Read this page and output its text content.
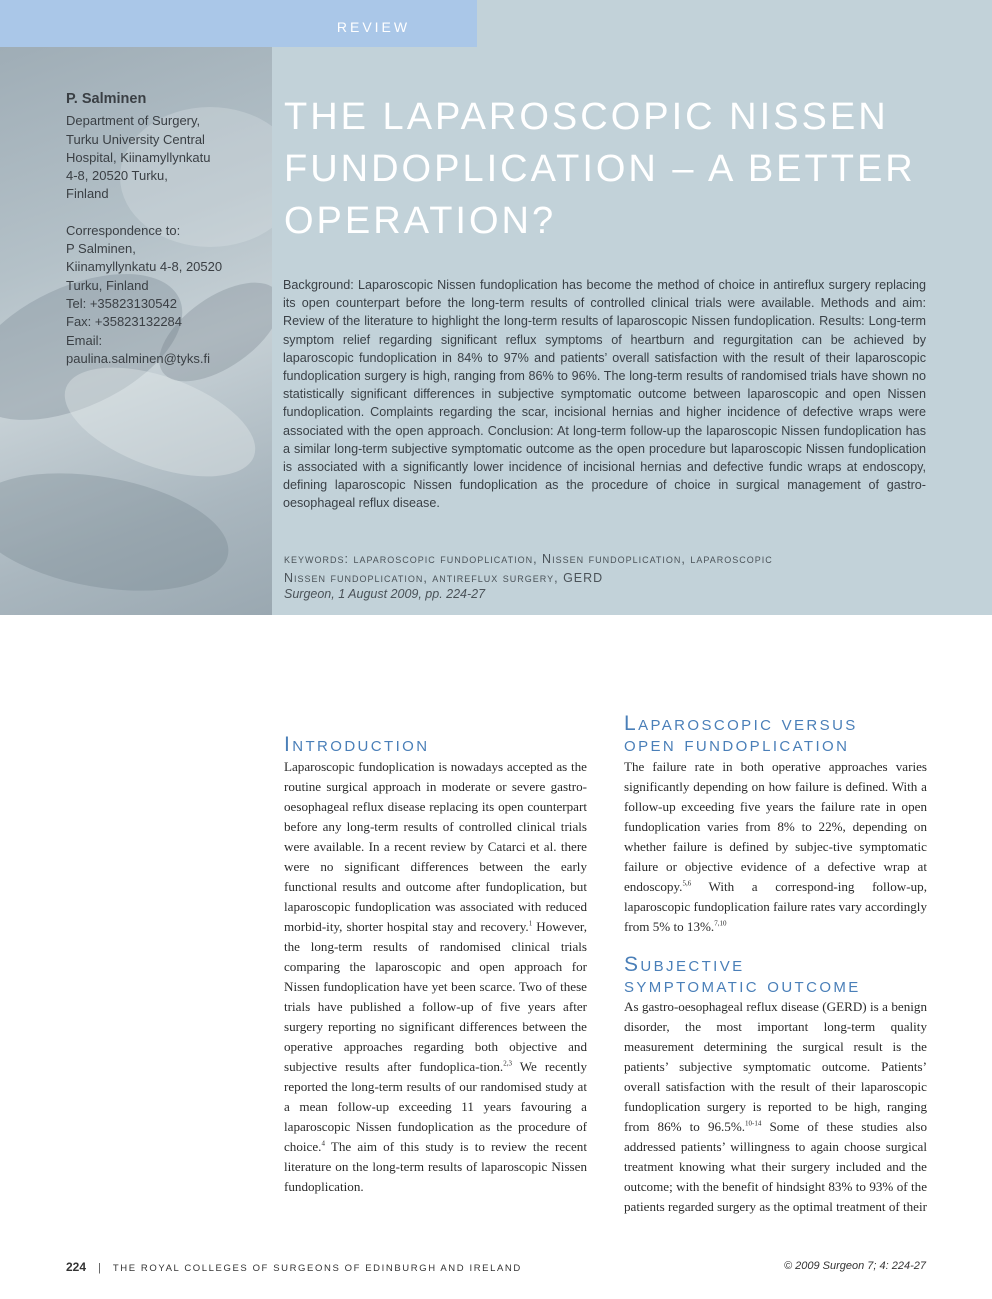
REVIEW
P. Salminen
Department of Surgery,
Turku University Central
Hospital, Kiinamyllynkatu
4-8, 20520 Turku,
Finland
Correspondence to:
P Salminen,
Kiinamyllynkatu 4-8, 20520
Turku, Finland
Tel: +35823130542
Fax: +35823132284
Email:
paulina.salminen@tyks.fi
THE LAPAROSCOPIC NISSEN FUNDOPLICATION – A BETTER OPERATION?

Background: Laparoscopic Nissen fundoplication has become the method of choice in antireflux surgery replacing its open counterpart before the long-term results of controlled clinical trials were available. Methods and aim: Review of the literature to highlight the long-term results of laparoscopic Nissen fundoplication. Results: Long-term symptom relief regarding significant reflux symptoms of heartburn and regurgitation can be achieved by laparoscopic fundoplication in 84% to 97% and patients’ overall satisfaction with the result of their laparoscopic fundoplication surgery is high, ranging from 86% to 96%. The long-term results of randomised trials have shown no statistically significant differences in subjective symptomatic outcome between laparoscopic and open Nissen fundoplication. Complaints regarding the scar, incisional hernias and higher incidence of defective wraps were associated with the open approach. Conclusion: At long-term follow-up the laparoscopic Nissen fundoplication has a similar long-term subjective symptomatic outcome as the open procedure but laparoscopic Nissen fundoplication is associated with a significantly lower incidence of incisional hernias and defective fundic wraps at endoscopy, defining laparoscopic Nissen fundoplication as the procedure of choice in surgical management of gastro-oesophageal reflux disease.

keywords: laparoscopic fundoplication, Nissen fundoplication, laparoscopic
Nissen fundoplication, antireflux surgery, GERD
Surgeon, 1 August 2009, pp. 224-27
Introduction

Laparoscopic fundoplication is nowadays accepted as the routine surgical approach in moderate or severe gastro-oesophageal reflux disease replacing its open counterpart before any long-term results of controlled clinical trials were available. In a recent review by Catarci et al. there were no significant differences between the early functional results and outcome after fundoplication, but laparoscopic fundoplication was associated with reduced morbid-ity, shorter hospital stay and recovery.$^1$ However, the long-term results of randomised clinical trials comparing the laparoscopic and open approach for Nissen fundoplication have yet been scarce. Two of these trials have published a follow-up of five years after surgery reporting no significant differences between the operative approaches regarding both objective and subjective results after fundoplica-tion.$^{2,3}$ We recently reported the long-term results of our randomised study at a mean follow-up exceeding 11 years favouring a laparoscopic Nissen fundoplication as the procedure of choice.$^4$ The aim of this study is to review the recent literature on the long-term results of laparoscopic Nissen fundoplication.

Laparoscopic versus
open fundoplication

The failure rate in both operative approaches varies significantly depending on how failure is defined. With a follow-up exceeding five years the failure rate in open fundoplication varies from 8% to 22%, depending on whether failure is defined by subjec-tive symptomatic failure or objective evidence of a defective wrap at endoscopy.$^{5,6}$ With a correspond-ing follow-up, laparoscopic fundoplication failure rates vary accordingly from 5% to 13%.$^{7,10}$

Subjective
symptomatic outcome

As gastro-oesophageal reflux disease (GERD) is a benign disorder, the most important long-term quality measurement determining the surgical result is the patients’ subjective symptomatic outcome. Patients’ overall satisfaction with the result of their laparoscopic fundoplication surgery is reported to be high, ranging from 86% to 96.5%.$^{10-14}$ Some of these studies also addressed patients’ willingness to again choose surgical treatment knowing what their surgery included and the outcome; with the benefit of hindsight 83% to 93% of the patients regarded surgery as the optimal treatment of their

224 | THE ROYAL COLLEGES OF SURGEONS OF EDINBURGH AND IRELAND	© 2009 Surgeon 7; 4: 224-27
